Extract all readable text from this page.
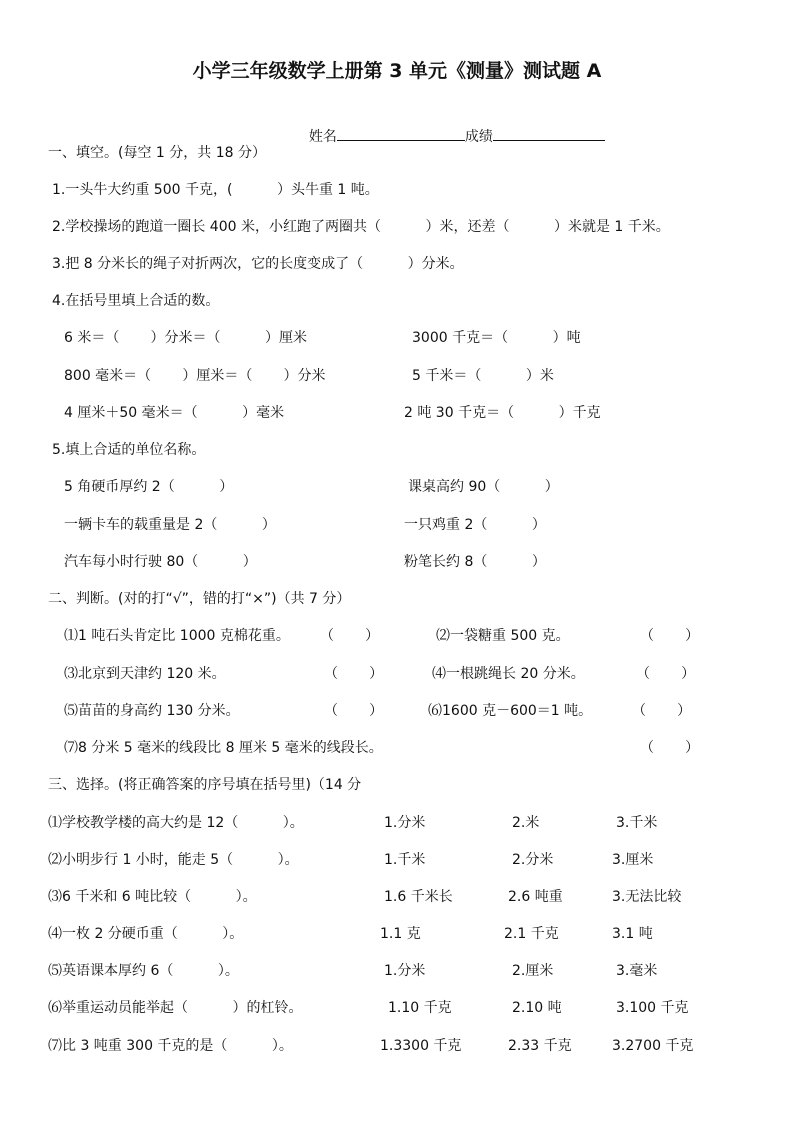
小学三年级数学上册第 3 单元《测量》测试题 A

姓名	成绩

一、填空。(每空 1 分，共 18 分）
1.一头牛大约重 500 千克，(          ）头牛重 1 吨。
2.学校操场的跑道一圈长 400 米，小红跑了两圈共（          ）米，还差（          ）米就是 1 千米。
3.把 8 分米长的绳子对折两次，它的长度变成了（          ）分米。
4.在括号里填上合适的数。
6 米＝（       ）分米＝（          ）厘米	3000 千克＝（          ）吨
800 毫米＝（       ）厘米＝（       ）分米	5 千米＝（          ）米
4 厘米＋50 毫米＝（          ）毫米	2 吨 30 千克＝（          ）千克
5.填上合适的单位名称。
5 角硬币厚约 2（          ）	课桌高约 90（          ）
一辆卡车的载重量是 2（          ）	一只鸡重 2（          ）
汽车每小时行驶 80（          ）	粉笔长约 8（          ）
二、判断。(对的打“√”，错的打“×”)（共 7 分）
⑴1 吨石头肯定比 1000 克棉花重。 （       ）	⑵一袋糖重 500 克。	（       ）
⑶北京到天津约 120 米。	（       ）	⑷一根跳绳长 20 分米。	（       ）
⑸苗苗的身高约 130 分米。	（       ）	⑹1600 克－600＝1 吨。	（       ）
⑺8 分米 5 毫米的线段比 8 厘米 5 毫米的线段长。	（       ）
三、选择。(将正确答案的序号填在括号里)（14 分
⑴学校教学楼的高大约是 12（          ）。	1.分米	2.米	3.千米
⑵小明步行 1 小时，能走 5（          ）。	1.千米	2.分米	3.厘米
⑶6 千米和 6 吨比较（          ）。	1.6 千米长	2.6 吨重	3.无法比较
⑷一枚 2 分硬币重（          ）。	1.1 克	2.1 千克	3.1 吨
⑸英语课本厚约 6（          ）。	1.分米	2.厘米	3.毫米
⑹举重运动员能举起（          ）的杠铃。	1.10 千克	2.10 吨	3.100 千克
⑺比 3 吨重 300 千克的是（          ）。	1.3300 千克	2.33 千克	3.2700 千克
